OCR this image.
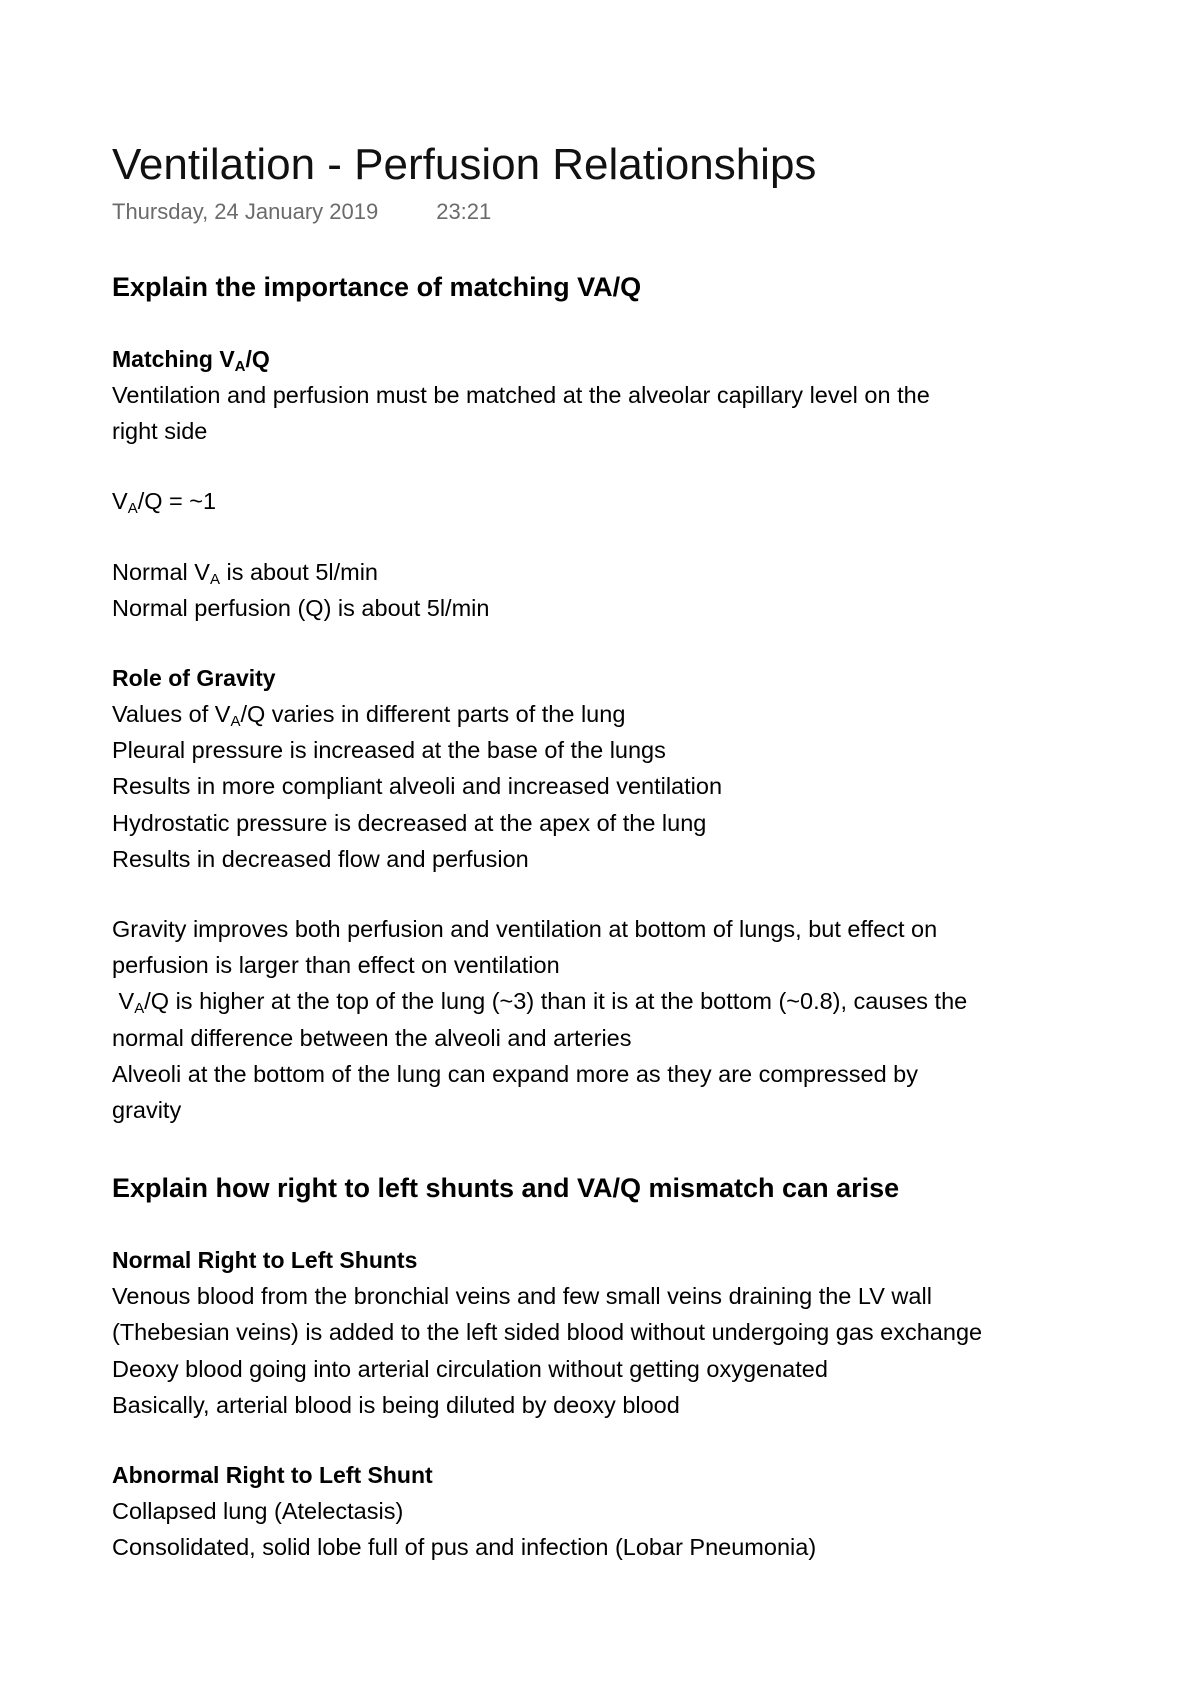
Ventilation - Perfusion Relationships
Thursday, 24 January 2019	23:21
Explain the importance of matching VA/Q
Matching $V_A/Q$

Ventilation and perfusion must be matched at the alveolar capillary level on the

right side

$V_A/Q$ = ~1

Normal $V_A$ is about 5l/min

Normal perfusion (Q) is about 5l/min

Role of Gravity

Values of $V_A/Q$ varies in different parts of the lung

Pleural pressure is increased at the base of the lungs

Results in more compliant alveoli and increased ventilation

Hydrostatic pressure is decreased at the apex of the lung

Results in decreased flow and perfusion

Gravity improves both perfusion and ventilation at bottom of lungs, but effect on

perfusion is larger than effect on ventilation

$V_A/Q$ is higher at the top of the lung (~3) than it is at the bottom (~0.8), causes the

normal difference between the alveoli and arteries

Alveoli at the bottom of the lung can expand more as they are compressed by

gravity

Explain how right to left shunts and VA/Q mismatch can arise
Normal Right to Left Shunts

Venous blood from the bronchial veins and few small veins draining the LV wall

(Thebesian veins) is added to the left sided blood without undergoing gas exchange

Deoxy blood going into arterial circulation without getting oxygenated

Basically, arterial blood is being diluted by deoxy blood

Abnormal Right to Left Shunt

Collapsed lung (Atelectasis)

Consolidated, solid lobe full of pus and infection (Lobar Pneumonia)
